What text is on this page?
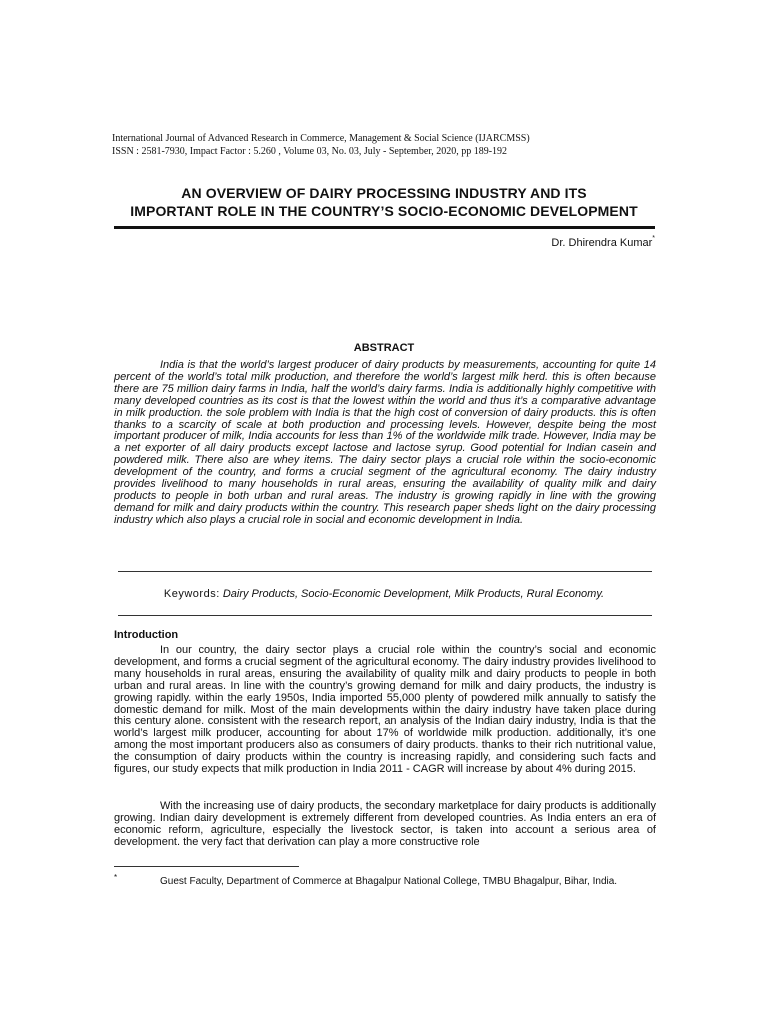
International Journal of Advanced Research in Commerce, Management & Social Science (IJARCMSS)
ISSN : 2581-7930, Impact Factor : 5.260 , Volume 03, No. 03, July - September, 2020, pp 189-192
AN OVERVIEW OF DAIRY PROCESSING INDUSTRY AND ITS
IMPORTANT ROLE IN THE COUNTRY’S SOCIO-ECONOMIC DEVELOPMENT
Dr. Dhirendra Kumar*
ABSTRACT
India is that the world’s largest producer of dairy products by measurements, accounting for quite 14 percent of the world’s total milk production, and therefore the world’s largest milk herd. this is often because there are 75 million dairy farms in India, half the world’s dairy farms. India is additionally highly competitive with many developed countries as its cost is that the lowest within the world and thus it’s a comparative advantage in milk production. the sole problem with India is that the high cost of conversion of dairy products. this is often thanks to a scarcity of scale at both production and processing levels. However, despite being the most important producer of milk, India accounts for less than 1% of the worldwide milk trade. However, India may be a net exporter of all dairy products except lactose and lactose syrup. Good potential for Indian casein and powdered milk. There also are whey items. The dairy sector plays a crucial role within the socio-economic development of the country, and forms a crucial segment of the agricultural economy. The dairy industry provides livelihood to many households in rural areas, ensuring the availability of quality milk and dairy products to people in both urban and rural areas. The industry is growing rapidly in line with the growing demand for milk and dairy products within the country. This research paper sheds light on the dairy processing industry which also plays a crucial role in social and economic development in India.
Keywords: Dairy Products, Socio-Economic Development, Milk Products, Rural Economy.
Introduction
In our country, the dairy sector plays a crucial role within the country’s social and economic development, and forms a crucial segment of the agricultural economy. The dairy industry provides livelihood to many households in rural areas, ensuring the availability of quality milk and dairy products to people in both urban and rural areas. In line with the country’s growing demand for milk and dairy products, the industry is growing rapidly. within the early 1950s, India imported 55,000 plenty of powdered milk annually to satisfy the domestic demand for milk. Most of the main developments within the dairy industry have taken place during this century alone. consistent with the research report, an analysis of the Indian dairy industry, India is that the world’s largest milk producer, accounting for about 17% of worldwide milk production. additionally, it’s one among the most important producers also as consumers of dairy products. thanks to their rich nutritional value, the consumption of dairy products within the country is increasing rapidly, and considering such facts and figures, our study expects that milk production in India 2011 - CAGR will increase by about 4% during 2015.
With the increasing use of dairy products, the secondary marketplace for dairy products is additionally growing. Indian dairy development is extremely different from developed countries. As India enters an era of economic reform, agriculture, especially the livestock sector, is taken into account a serious area of development. the very fact that derivation can play a more constructive role
*	Guest Faculty, Department of Commerce at Bhagalpur National College, TMBU Bhagalpur, Bihar, India.
